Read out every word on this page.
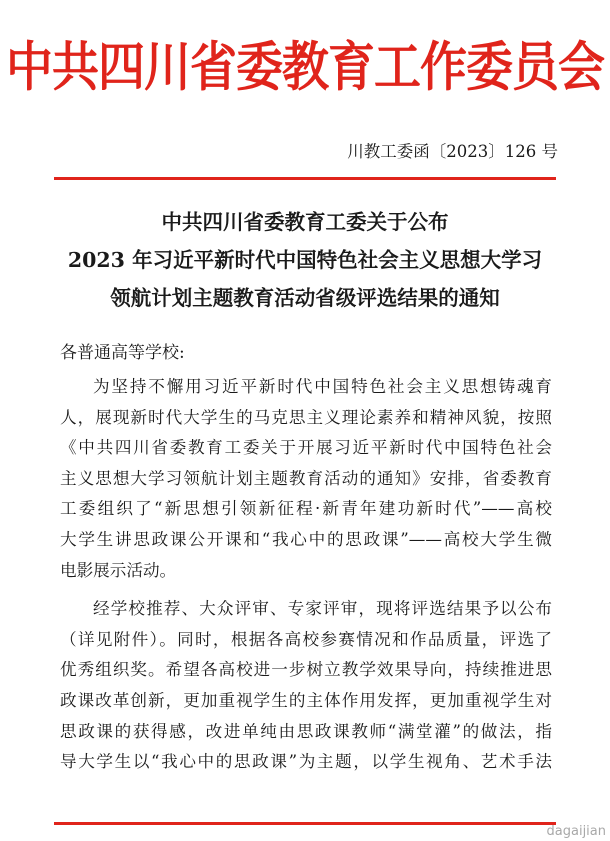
中共四川省委教育工作委员会
川教工委函〔2023〕126 号
中共四川省委教育工委关于公布
2023 年习近平新时代中国特色社会主义思想大学习
领航计划主题教育活动省级评选结果的通知
各普通高等学校:
为坚持不懈用习近平新时代中国特色社会主义思想铸魂育
人，展现新时代大学生的马克思主义理论素养和精神风貌，按照
《中共四川省委教育工委关于开展习近平新时代中国特色社会
主义思想大学习领航计划主题教育活动的通知》安排，省委教育
工委组织了“新思想引领新征程·新青年建功新时代”——高校
大学生讲思政课公开课和“我心中的思政课”——高校大学生微
电影展示活动。
经学校推荐、大众评审、专家评审，现将评选结果予以公布
（详见附件）。同时，根据各高校参赛情况和作品质量，评选了
优秀组织奖。希望各高校进一步树立教学效果导向，持续推进思
政课改革创新，更加重视学生的主体作用发挥，更加重视学生对
思政课的获得感，改进单纯由思政课教师“满堂灌”的做法，指
导大学生以“我心中的思政课”为主题，以学生视角、艺术手法
dagaijian
